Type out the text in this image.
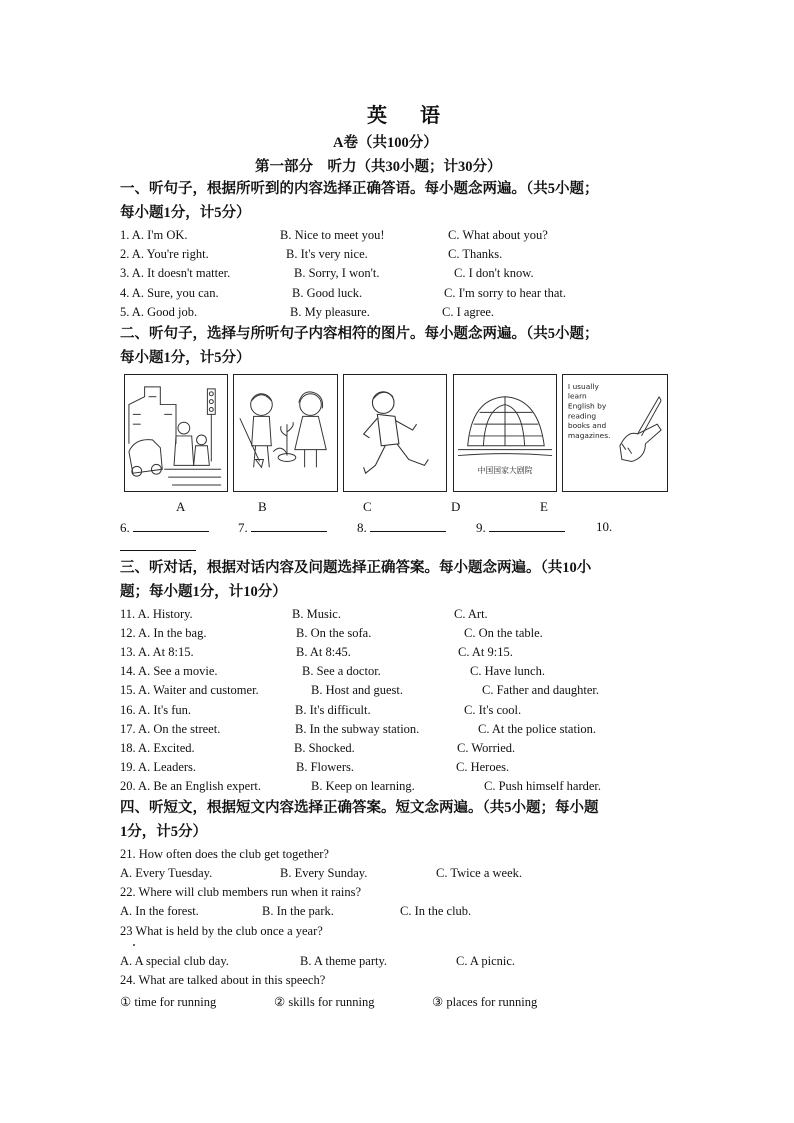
英 语
A卷（共100分）
第一部分　听力（共30小题；计30分）
一、听句子，根据所听到的内容选择正确答语。每小题念两遍。（共5小题；
每小题1分，计5分）
1. A. I'm OK.	B. Nice to meet you!	C. What about you?
2. A. You're right.	B. It's very nice.	C. Thanks.
3. A. It doesn't matter.	B. Sorry, I won't.	C. I don't know.
4. A. Sure, you can.	B. Good luck.	C. I'm sorry to hear that.
5. A. Good job.	B. My pleasure.	C. I agree.
二、听句子，选择与所听句子内容相符的图片。每小题念两遍。（共5小题；
每小题1分，计5分）
中国国家大剧院
I usually
learn
English by
reading
books and
magazines.
A	B	C	D	E
6.	7.	8.	9.	10.
三、听对话，根据对话内容及问题选择正确答案。每小题念两遍。（共10小
题；每小题1分，计10分）
11. A. History.	B. Music.	C. Art.
12. A. In the bag.	B. On the sofa.	C. On the table.
13. A. At 8:15.	B. At 8:45.	C. At 9:15.
14. A. See a movie.	B. See a doctor.	C. Have lunch.
15. A. Waiter and customer.	B. Host and guest.	C. Father and daughter.
16. A. It's fun.	B. It's difficult.	C. It's cool.
17. A. On the street.	B. In the subway station.	C. At the police station.
18. A. Excited.	B. Shocked.	C. Worried.
19. A. Leaders.	B. Flowers.	C. Heroes.
20. A. Be an English expert.	B. Keep on learning.	C. Push himself harder.
四、听短文，根据短文内容选择正确答案。短文念两遍。（共5小题；每小题
1分，计5分）
21. How often does the club get together?
A. Every Tuesday.	B. Every Sunday.	C. Twice a week.
22. Where will club members run when it rains?
A. In the forest.	B. In the park.	C. In the club.
23 What is held by the club once a year?
A. A special club day.	B. A theme party.	C. A picnic.
24. What are talked about in this speech?
① time for running	② skills for running	③ places for running
